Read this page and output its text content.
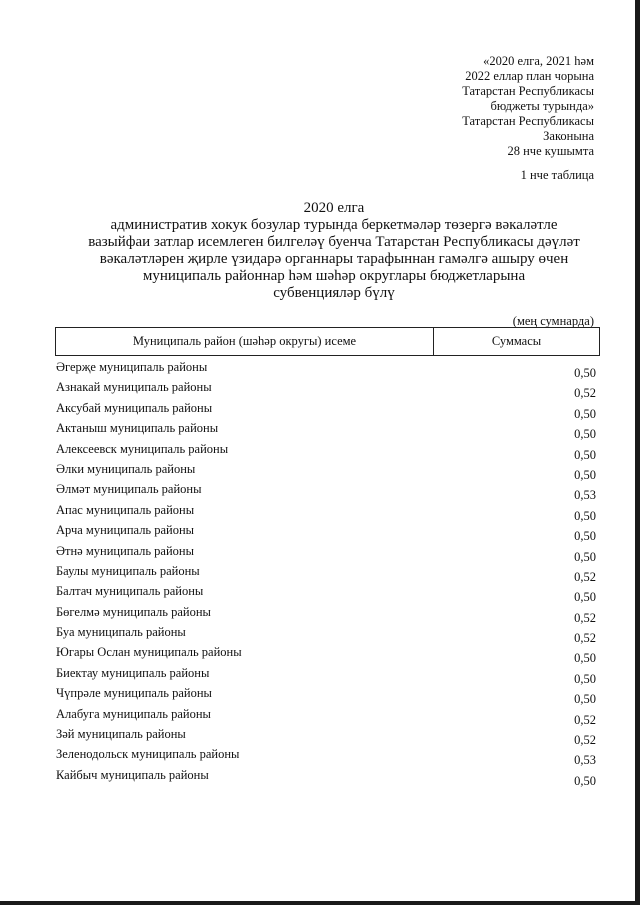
«2020 елга, 2021 һәм
2022 еллар план чорына
Татарстан Республикасы
бюджеты турында»
Татарстан Республикасы
Законына
28 нче кушымта
1 нче таблица
2020 елга
административ хокук бозулар турында беркетмәләр төзергә вәкаләтле
вазыйфаи затлар исемлеген билгеләү буенча Татарстан Республикасы дәүләт
вәкаләтләрен җирле үзидарә органнары тарафыннан гамәлгә ашыру өчен
муниципаль районнар һәм шәһәр округлары бюджетларына
субвенцияләр бүлү
(мең сумнарда)
Муниципаль район (шәһәр округы) исеме	Суммасы
Әгерҗе муниципаль районы	0,50
Азнакай муниципаль районы	0,52
Аксубай муниципаль районы	0,50
Актаныш муниципаль районы	0,50
Алексеевск муниципаль районы	0,50
Әлки муниципаль районы	0,50
Әлмәт муниципаль районы	0,53
Апас муниципаль районы	0,50
Арча муниципаль районы	0,50
Әтнә муниципаль районы	0,50
Баулы муниципаль районы	0,52
Балтач муниципаль районы	0,50
Бөгелмә муниципаль районы	0,52
Буа муниципаль районы	0,52
Югары Ослан муниципаль районы	0,50
Биектау муниципаль районы	0,50
Чүпрәле муниципаль районы	0,50
Алабуга муниципаль районы	0,52
Зәй муниципаль районы	0,52
Зеленодольск муниципаль районы	0,53
Кайбыч муниципаль районы	0,50
